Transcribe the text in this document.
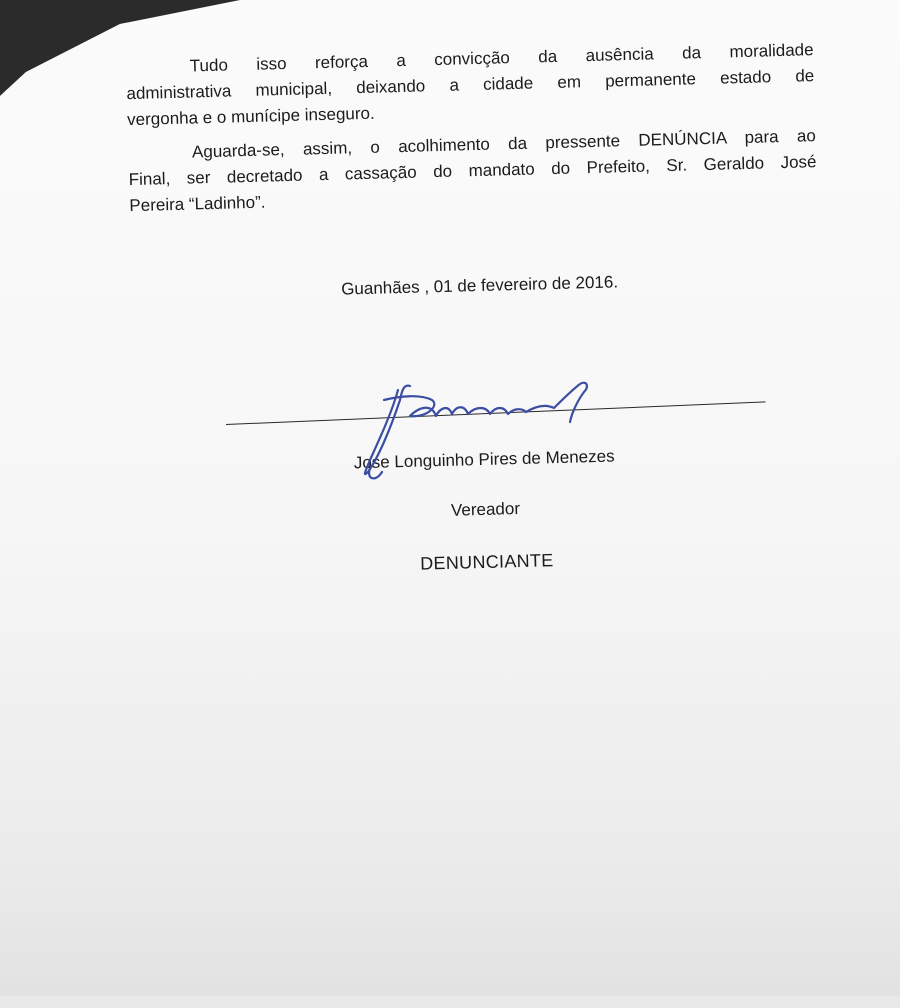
Tudo isso reforça a convicção da ausência da moralidade
administrativa municipal, deixando a cidade em permanente estado de
vergonha e o munícipe inseguro.
Aguarda-se, assim, o acolhimento da pressente DENÚNCIA para ao
Final, ser decretado a cassação do mandato do Prefeito, Sr. Geraldo José
Pereira “Ladinho”.
Guanhães , 01 de fevereiro de 2016.
Jose Longuinho Pires de Menezes
Vereador
DENUNCIANTE
